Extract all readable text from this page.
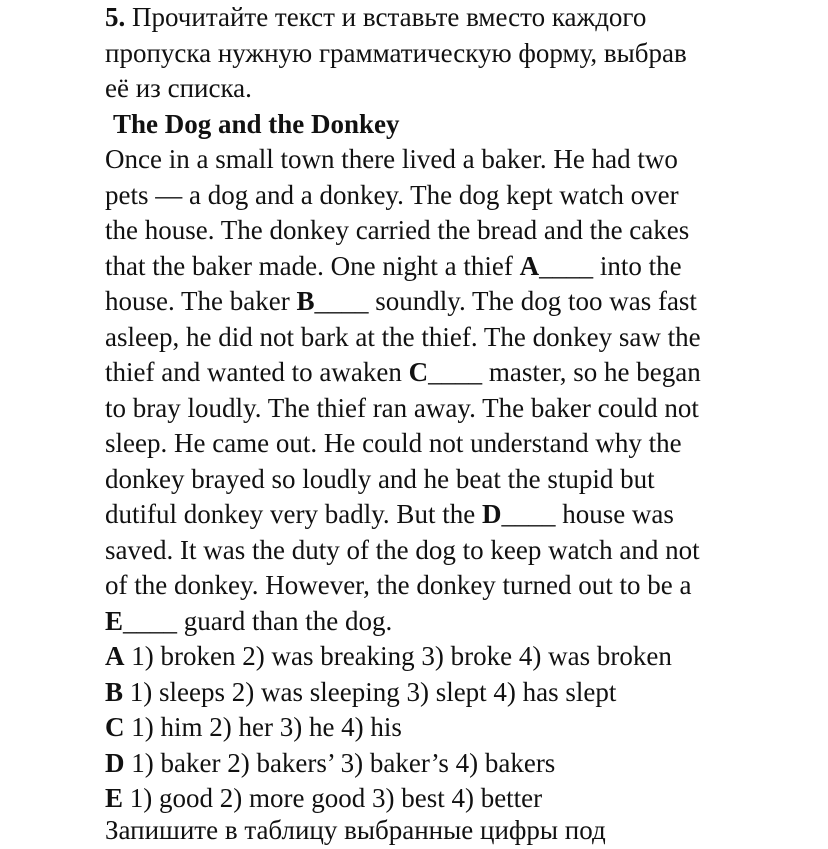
5. Прочитайте текст и вставьте вместо каждого
пропуска нужную грамматическую форму, выбрав
её из списка.
The Dog and the Donkey
Once in a small town there lived a baker. He had two
pets — a dog and a donkey. The dog kept watch over
the house. The donkey carried the bread and the cakes
that the baker made. One night a thief A____ into the
house. The baker B____ soundly. The dog too was fast
asleep, he did not bark at the thief. The donkey saw the
thief and wanted to awaken C____ master, so he began
to bray loudly. The thief ran away. The baker could not
sleep. He came out. He could not understand why the
donkey brayed so loudly and he beat the stupid but
dutiful donkey very badly. But the D____ house was
saved. It was the duty of the dog to keep watch and not
of the donkey. However, the donkey turned out to be a
E____ guard than the dog.
A 1) broken 2) was breaking 3) broke 4) was broken
B 1) sleeps 2) was sleeping 3) slept 4) has slept
C 1) him 2) her 3) he 4) his
D 1) baker 2) bakers’ 3) baker’s 4) bakers
E 1) good 2) more good 3) best 4) better
Запишите в таблицу выбранные цифры под
